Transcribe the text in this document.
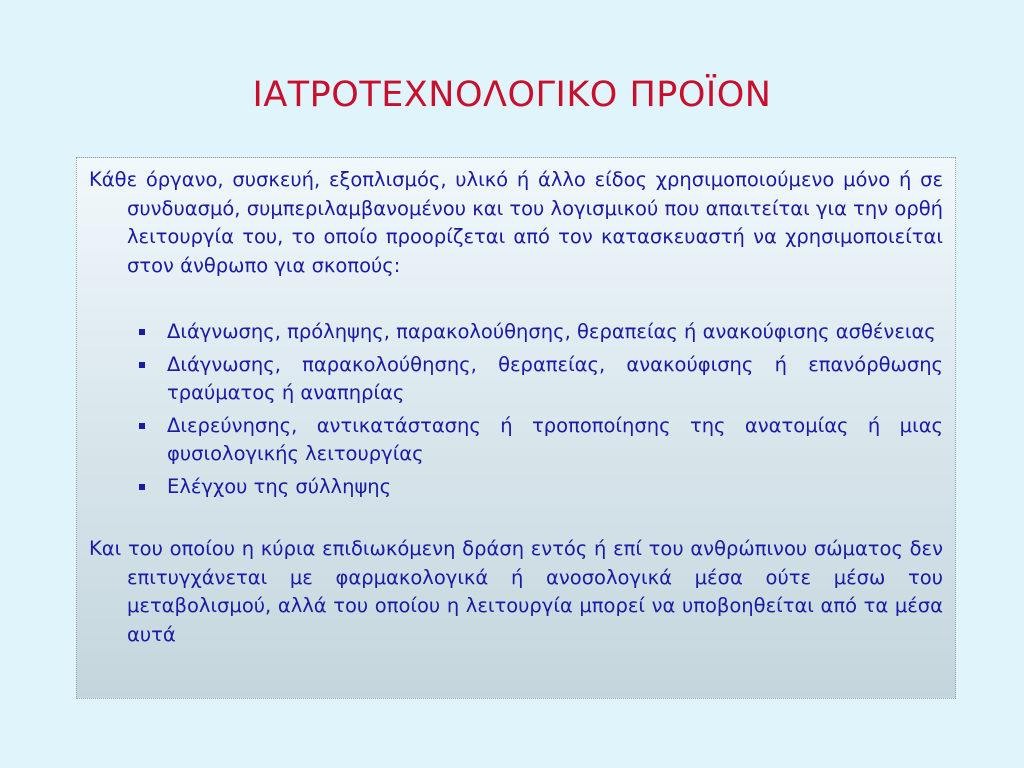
ΙΑΤΡΟΤΕΧΝΟΛΟΓΙΚΟ ΠΡΟΪΟΝ

Κάθε όργανο, συσκευή, εξοπλισμός, υλικό ή άλλο είδος χρησιμοποιούμενο μόνο ή σε συνδυασμό, συμπεριλαμβανομένου και του λογισμικού που απαιτείται για την ορθή λειτουργία του, το οποίο προορίζεται από τον κατασκευαστή να χρησιμοποιείται στον άνθρωπο για σκοπούς:

Διάγνωσης, πρόληψης, παρακολούθησης, θεραπείας ή ανακούφισης ασθένειας
Διάγνωσης, παρακολούθησης, θεραπείας, ανακούφισης ή επανόρθωσης τραύματος ή αναπηρίας
Διερεύνησης, αντικατάστασης ή τροποποίησης της ανατομίας ή μιας φυσιολογικής λειτουργίας
Ελέγχου της σύλληψης

Και του οποίου η κύρια επιδιωκόμενη δράση εντός ή επί του ανθρώπινου σώματος δεν επιτυγχάνεται με φαρμακολογικά ή ανοσολογικά μέσα ούτε μέσω του μεταβολισμού, αλλά του οποίου η λειτουργία μπορεί να υποβοηθείται από τα μέσα αυτά
